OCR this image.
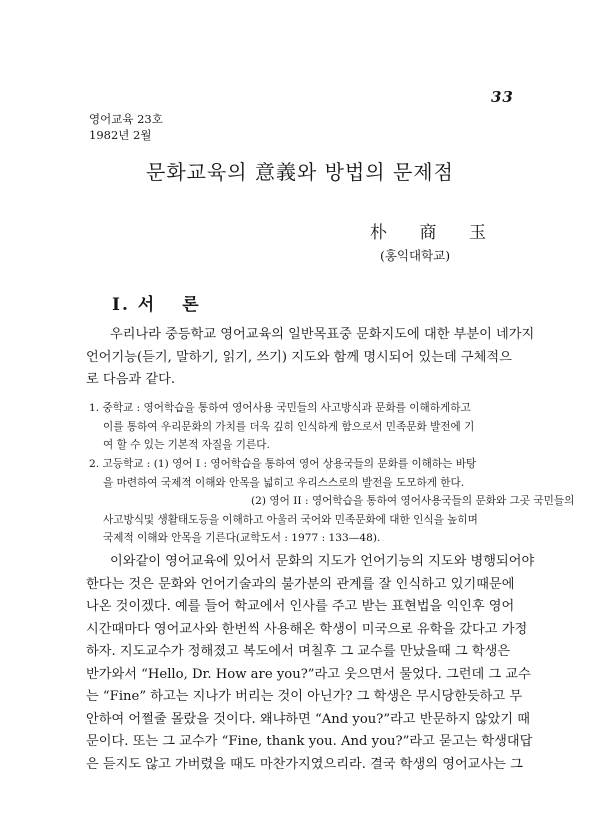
33
영어교육 23호
1982년 2월
문화교육의 意義와 방법의 문제점
朴 商 玉
(홍익대학교)
I. 서 론
우리나라 중등학교 영어교육의 일반목표중 문화지도에 대한 부분이 네가지
언어기능(듣기, 말하기, 읽기, 쓰기) 지도와 함께 명시되어 있는데 구체적으
로 다음과 같다.
1. 중학교 : 영어학습을 통하여 영어사용 국민들의 사고방식과 문화를 이해하게하고
이를 통하여 우리문화의 가치를 더욱 깊히 인식하게 함으로서 민족문화 발전에 기
여 할 수 있는 기본적 자질을 기른다.
2. 고등학교 : (1) 영어 I : 영어학습을 통하여 영어 상용국들의 문화를 이해하는 바탕
을 마련하여 국제적 이해와 안목을 넓히고 우리스스로의 발전을 도모하게 한다.
(2) 영어 II : 영어학습을 통하여 영어사용국들의 문화와 그곳 국민들의
사고방식및 생활태도등을 이해하고 아울러 국어와 민족문화에 대한 인식을 높히며
국제적 이해와 안목을 기른다(교학도서 : 1977 : 133—48).
이와같이 영어교육에 있어서 문화의 지도가 언어기능의 지도와 병행되어야
한다는 것은 문화와 언어기술과의 불가분의 관계를 잘 인식하고 있기때문에
나온 것이겠다. 예를 들어 학교에서 인사를 주고 받는 표현법을 익인후 영어
시간때마다 영어교사와 한번씩 사용해온 학생이 미국으로 유학을 갔다고 가정
하자. 지도교수가 정해졌고 복도에서 며칠후 그 교수를 만났을때 그 학생은
반가와서 “Hello, Dr. How are you?”라고 웃으면서 물었다. 그런데 그 교수
는 “Fine” 하고는 지나가 버리는 것이 아닌가? 그 학생은 무시당한듯하고 무
안하여 어쩔줄 몰랐을 것이다. 왜냐하면 “And you?”라고 반문하지 않았기 때
문이다. 또는 그 교수가 “Fine, thank you. And you?”라고 묻고는 학생대답
은 듣지도 않고 가버렸을 때도 마찬가지였으리라. 결국 학생의 영어교사는 그
